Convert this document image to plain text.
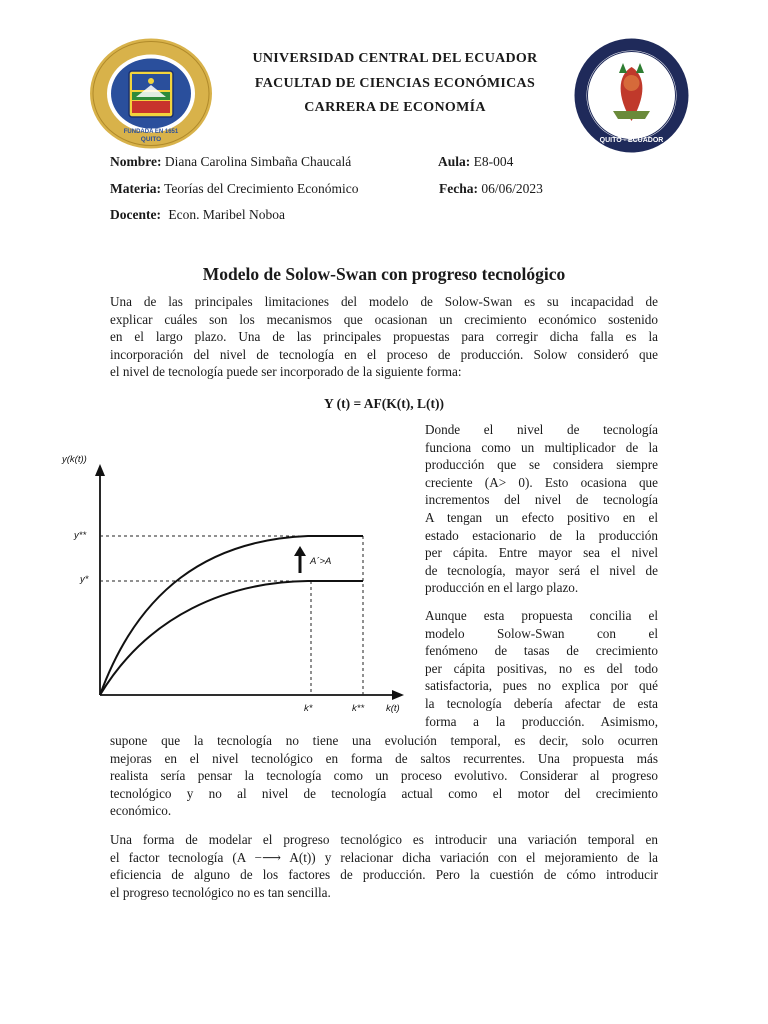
FUNDADA EN 1651
QUITO	QUITO - ECUADOR
UNIVERSIDAD CENTRAL DEL ECUADOR
FACULTAD DE CIENCIAS ECONÓMICAS
CARRERA DE ECONOMÍA
Nombre: Diana Carolina Simbaña Chaucalá	Aula: E8-004
Materia: Teorías del Crecimiento Económico	Fecha: 06/06/2023
Docente: Econ. Maribel Noboa
Modelo de Solow-Swan con progreso tecnológico
Una de las principales limitaciones del modelo de Solow-Swan es su incapacidad de
explicar cuáles son los mecanismos que ocasionan un crecimiento económico sostenido
en el largo plazo. Una de las principales propuestas para corregir dicha falla es la
incorporación del nivel de tecnología en el proceso de producción. Solow consideró que
el nivel de tecnología puede ser incorporado de la siguiente forma:
Y (t) = AF(K(t), L(t))
y(k(t))
y**
y*
k*	k** k(t)
A´>A
Donde el nivel de tecnología
funciona como un multiplicador de la
producción que se considera siempre
creciente (A> 0). Esto ocasiona que
incrementos del nivel de tecnología
A tengan un efecto positivo en el
estado estacionario de la producción
per cápita. Entre mayor sea el nivel
de tecnología, mayor será el nivel de
producción en el largo plazo.
Aunque esta propuesta concilia el
modelo Solow-Swan con el
fenómeno de tasas de crecimiento
per cápita positivas, no es del todo
satisfactoria, pues no explica por qué
la tecnología debería afectar de esta
forma a la producción. Asimismo,
supone que la tecnología no tiene una evolución temporal, es decir, solo ocurren
mejoras en el nivel tecnológico en forma de saltos recurrentes. Una propuesta más
realista sería pensar la tecnología como un proceso evolutivo. Considerar al progreso
tecnológico y no al nivel de tecnología actual como el motor del crecimiento
económico.
Una forma de modelar el progreso tecnológico es introducir una variación temporal en
el factor tecnología (A −⟶ A(t)) y relacionar dicha variación con el mejoramiento de la
eficiencia de alguno de los factores de producción. Pero la cuestión de cómo introducir
el progreso tecnológico no es tan sencilla.
